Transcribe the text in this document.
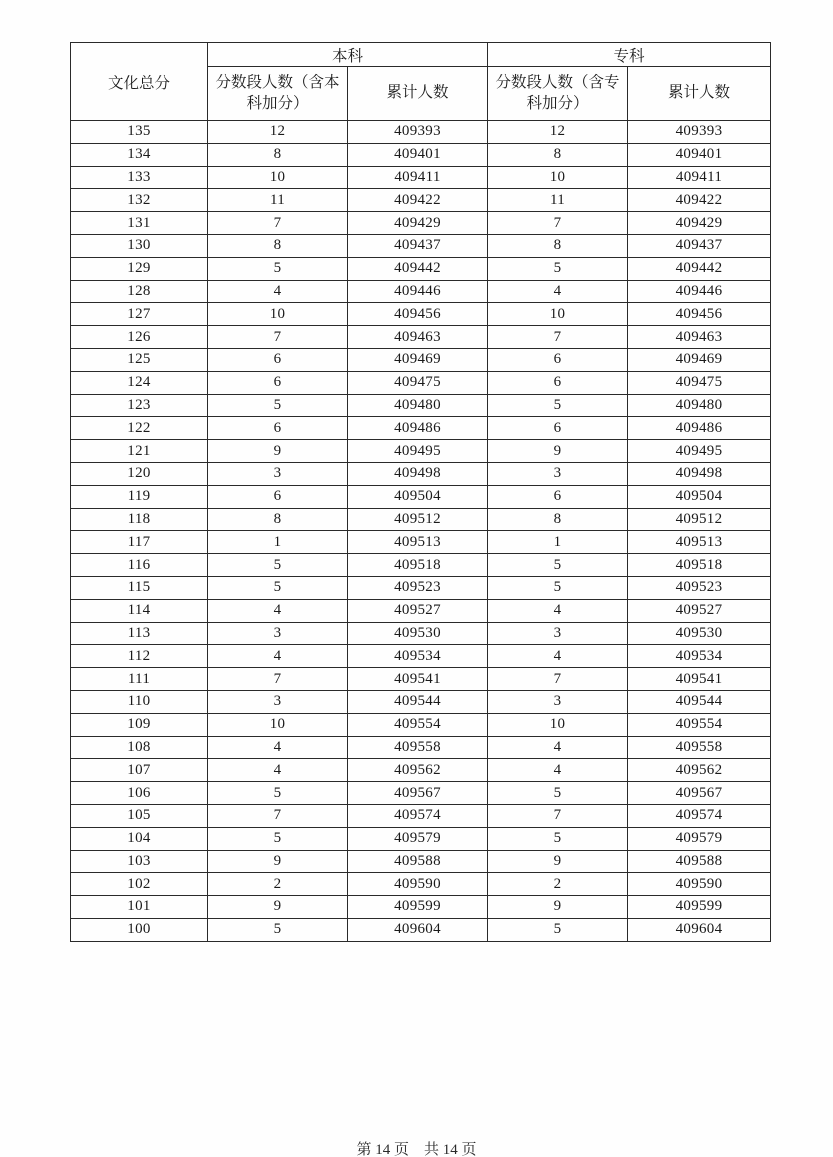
文化总分	本科		专科	
	分数段人数（含本科加分）	累计人数	分数段人数（含专科加分）	累计人数
135	12	409393	12	409393
134	8	409401	8	409401
133	10	409411	10	409411
132	11	409422	11	409422
131	7	409429	7	409429
130	8	409437	8	409437
129	5	409442	5	409442
128	4	409446	4	409446
127	10	409456	10	409456
126	7	409463	7	409463
125	6	409469	6	409469
124	6	409475	6	409475
123	5	409480	5	409480
122	6	409486	6	409486
121	9	409495	9	409495
120	3	409498	3	409498
119	6	409504	6	409504
118	8	409512	8	409512
117	1	409513	1	409513
116	5	409518	5	409518
115	5	409523	5	409523
114	4	409527	4	409527
113	3	409530	3	409530
112	4	409534	4	409534
111	7	409541	7	409541
110	3	409544	3	409544
109	10	409554	10	409554
108	4	409558	4	409558
107	4	409562	4	409562
106	5	409567	5	409567
105	7	409574	7	409574
104	5	409579	5	409579
103	9	409588	9	409588
102	2	409590	2	409590
101	9	409599	9	409599
100	5	409604	5	409604
第 14 页　共 14 页
